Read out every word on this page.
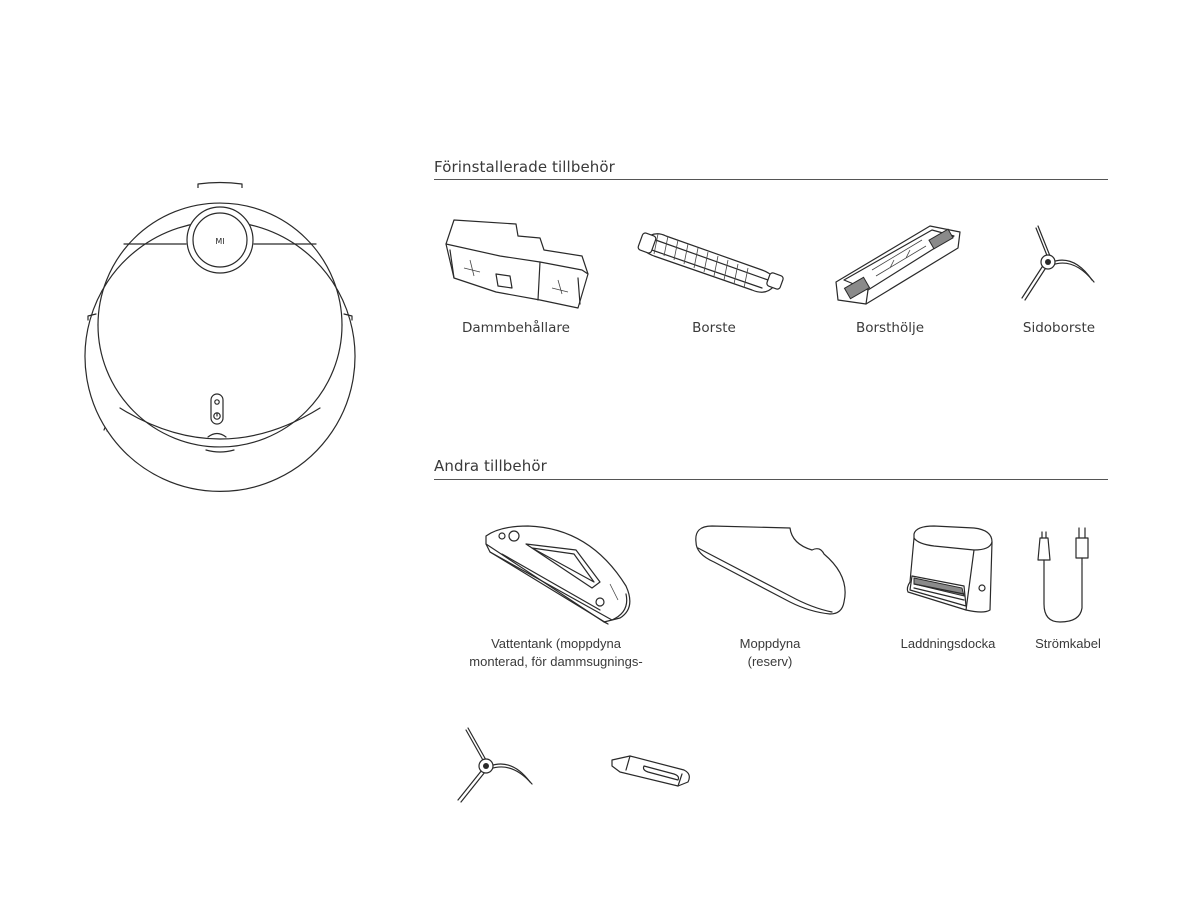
MI
Förinstallerade tillbehör
Dammbehållare	Borste	Borsthölje	Sidoborste
Andra tillbehör
Vattentank (moppdyna
monterad, för dammsugnings-
Moppdyna
(reserv)
Laddningsdocka	Strömkabel
